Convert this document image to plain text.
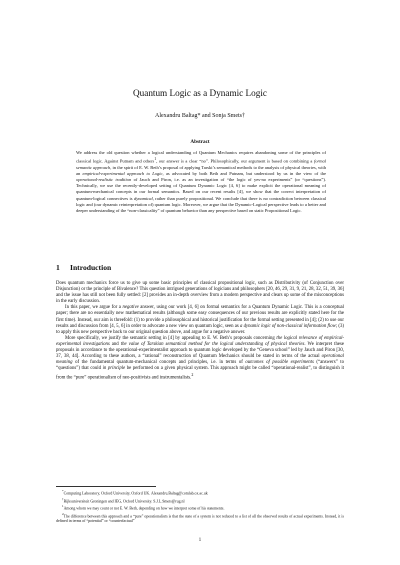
Quantum Logic as a Dynamic Logic
Alexandru Baltag* and Sonja Smets†
Abstract
We address the old question whether a logical understanding of Quantum Mechanics requires abandoning some of the principles of classical logic. Against Putnam and others$^1$, our answer is a clear “no”. Philosophically, our argument is based on combining a formal semantic approach, in the spirit of E. W. Beth’s proposal of applying Tarski’s semantical methods to the analysis of physical theories, with an empirical-experimental approach to Logic, as advocated by both Beth and Putnam, but understood by us in the view of the operational-realistic tradition of Jauch and Piron, i.e. as an investigation of “the logic of yes-no experiments” (or “questions”). Technically, we use the recently-developed setting of Quantum Dynamic Logic [4, 6] to make explicit the operational meaning of quantum-mechanical concepts in our formal semantics. Based on our recent results [4], we show that the correct interpretation of quantum-logical connectives is dynamical, rather than purely propositional. We conclude that there is no contradiction between classical logic and (our dynamic reinterpretation of) quantum logic. Moreover, we argue that the Dynamic-Logical perspective leads to a better and deeper understanding of the “non-classicality” of quantum behavior than any perspective based on static Propositional Logic.
1 Introduction

Does quantum mechanics force us to give up some basic principles of classical propositional logic, such as Distributivity (of Conjunction over Disjunction) or the principle of Bivalence? This question intrigued generations of logicians and philosophers [20, 46, 29, 31, 9, 21, 28, 32, 51, 39, 36] and the issue has still not been fully settled: [2] provides an in-depth overview from a modern perspective and clears up some of the misconceptions in the early discussion.

In this paper, we argue for a negative answer, using our work [4, 6] on formal semantics for a Quantum Dynamic Logic. This is a conceptual paper; there are no essentially new mathematical results (although some easy consequences of our previous results are explicitly stated here for the first time). Instead, our aim is threefold: (1) to provide a philosophical and historical justification for the formal setting presented in [4]; (2) to use our results and discussion from [4, 5, 6] in order to advocate a new view on quantum logic, seen as a dynamic logic of non-classical information flow; (3) to apply this new perspective back to our original question above, and argue for a negative answer.

More specifically, we justify the semantic setting in [4] by appealing to E. W. Beth’s proposals concerning the logical relevance of empirical-experimental investigations and the value of Tarskian semantical method for the logical understanding of physical theories. We interpret these proposals in accordance to the operational-experimentalist approach to quantum logic developed by the “Geneva school” led by Jauch and Piron [30, 37, 38, 44]. According to these authors, a “rational” reconstruction of Quantum Mechanics should be stated in terms of the actual operational meaning of the fundamental quantum-mechanical concepts and principles, i.e. in terms of outcomes of possible experiments (“answers” to “questions”) that could in principle be performed on a given physical system. This approach might be called “operational-realist”, to distinguish it from the “pure” operationalism of neo-positivists and instrumentalists.$^2$

*Computing Laboratory, Oxford University, Oxford UK. Alexandru.Baltag@comlab.ox.ac.uk

†Rijksuniversiteit Groningen and IEG, Oxford University. S.J.L.Smets@rug.nl

$^1$Among whom we may count or not E. W. Beth, depending on how we interpret some of his statements.

$^2$The difference between this approach and a “pure” operationalism is that the state of a system is not reduced to a list of all the observed results of actual experiments. Instead, it is defined in terms of “potential” or “counterfactual”

1
